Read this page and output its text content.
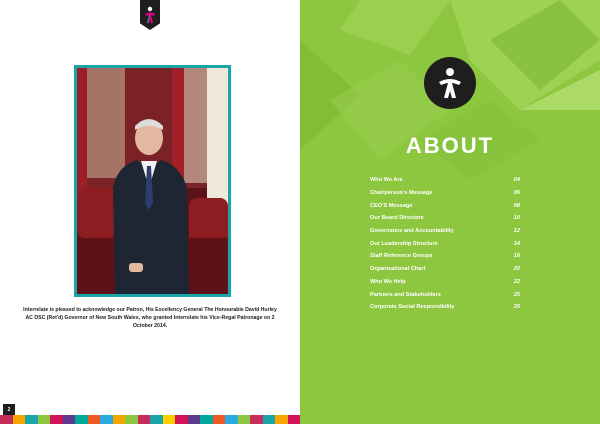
Interrelate is pleased to acknowledge our Patron, His Excellency General The Honourable David Hurley AC DSC (Ret'd) Governor of New South Wales, who granted Interrelate his Vice-Regal Patronage on 2 October 2014.

2
ABOUT
Who We Are	04
Chairperson's Message	06
CEO'S Message	08
Our Board Directors	10
Governance and Accountability	12
Our Leadership Structure	14
Staff Reference Groups	16
Organisational Chart	20
Who We Help	22
Partners and Stakeholders	25
Corporate Social Responsibility	26
